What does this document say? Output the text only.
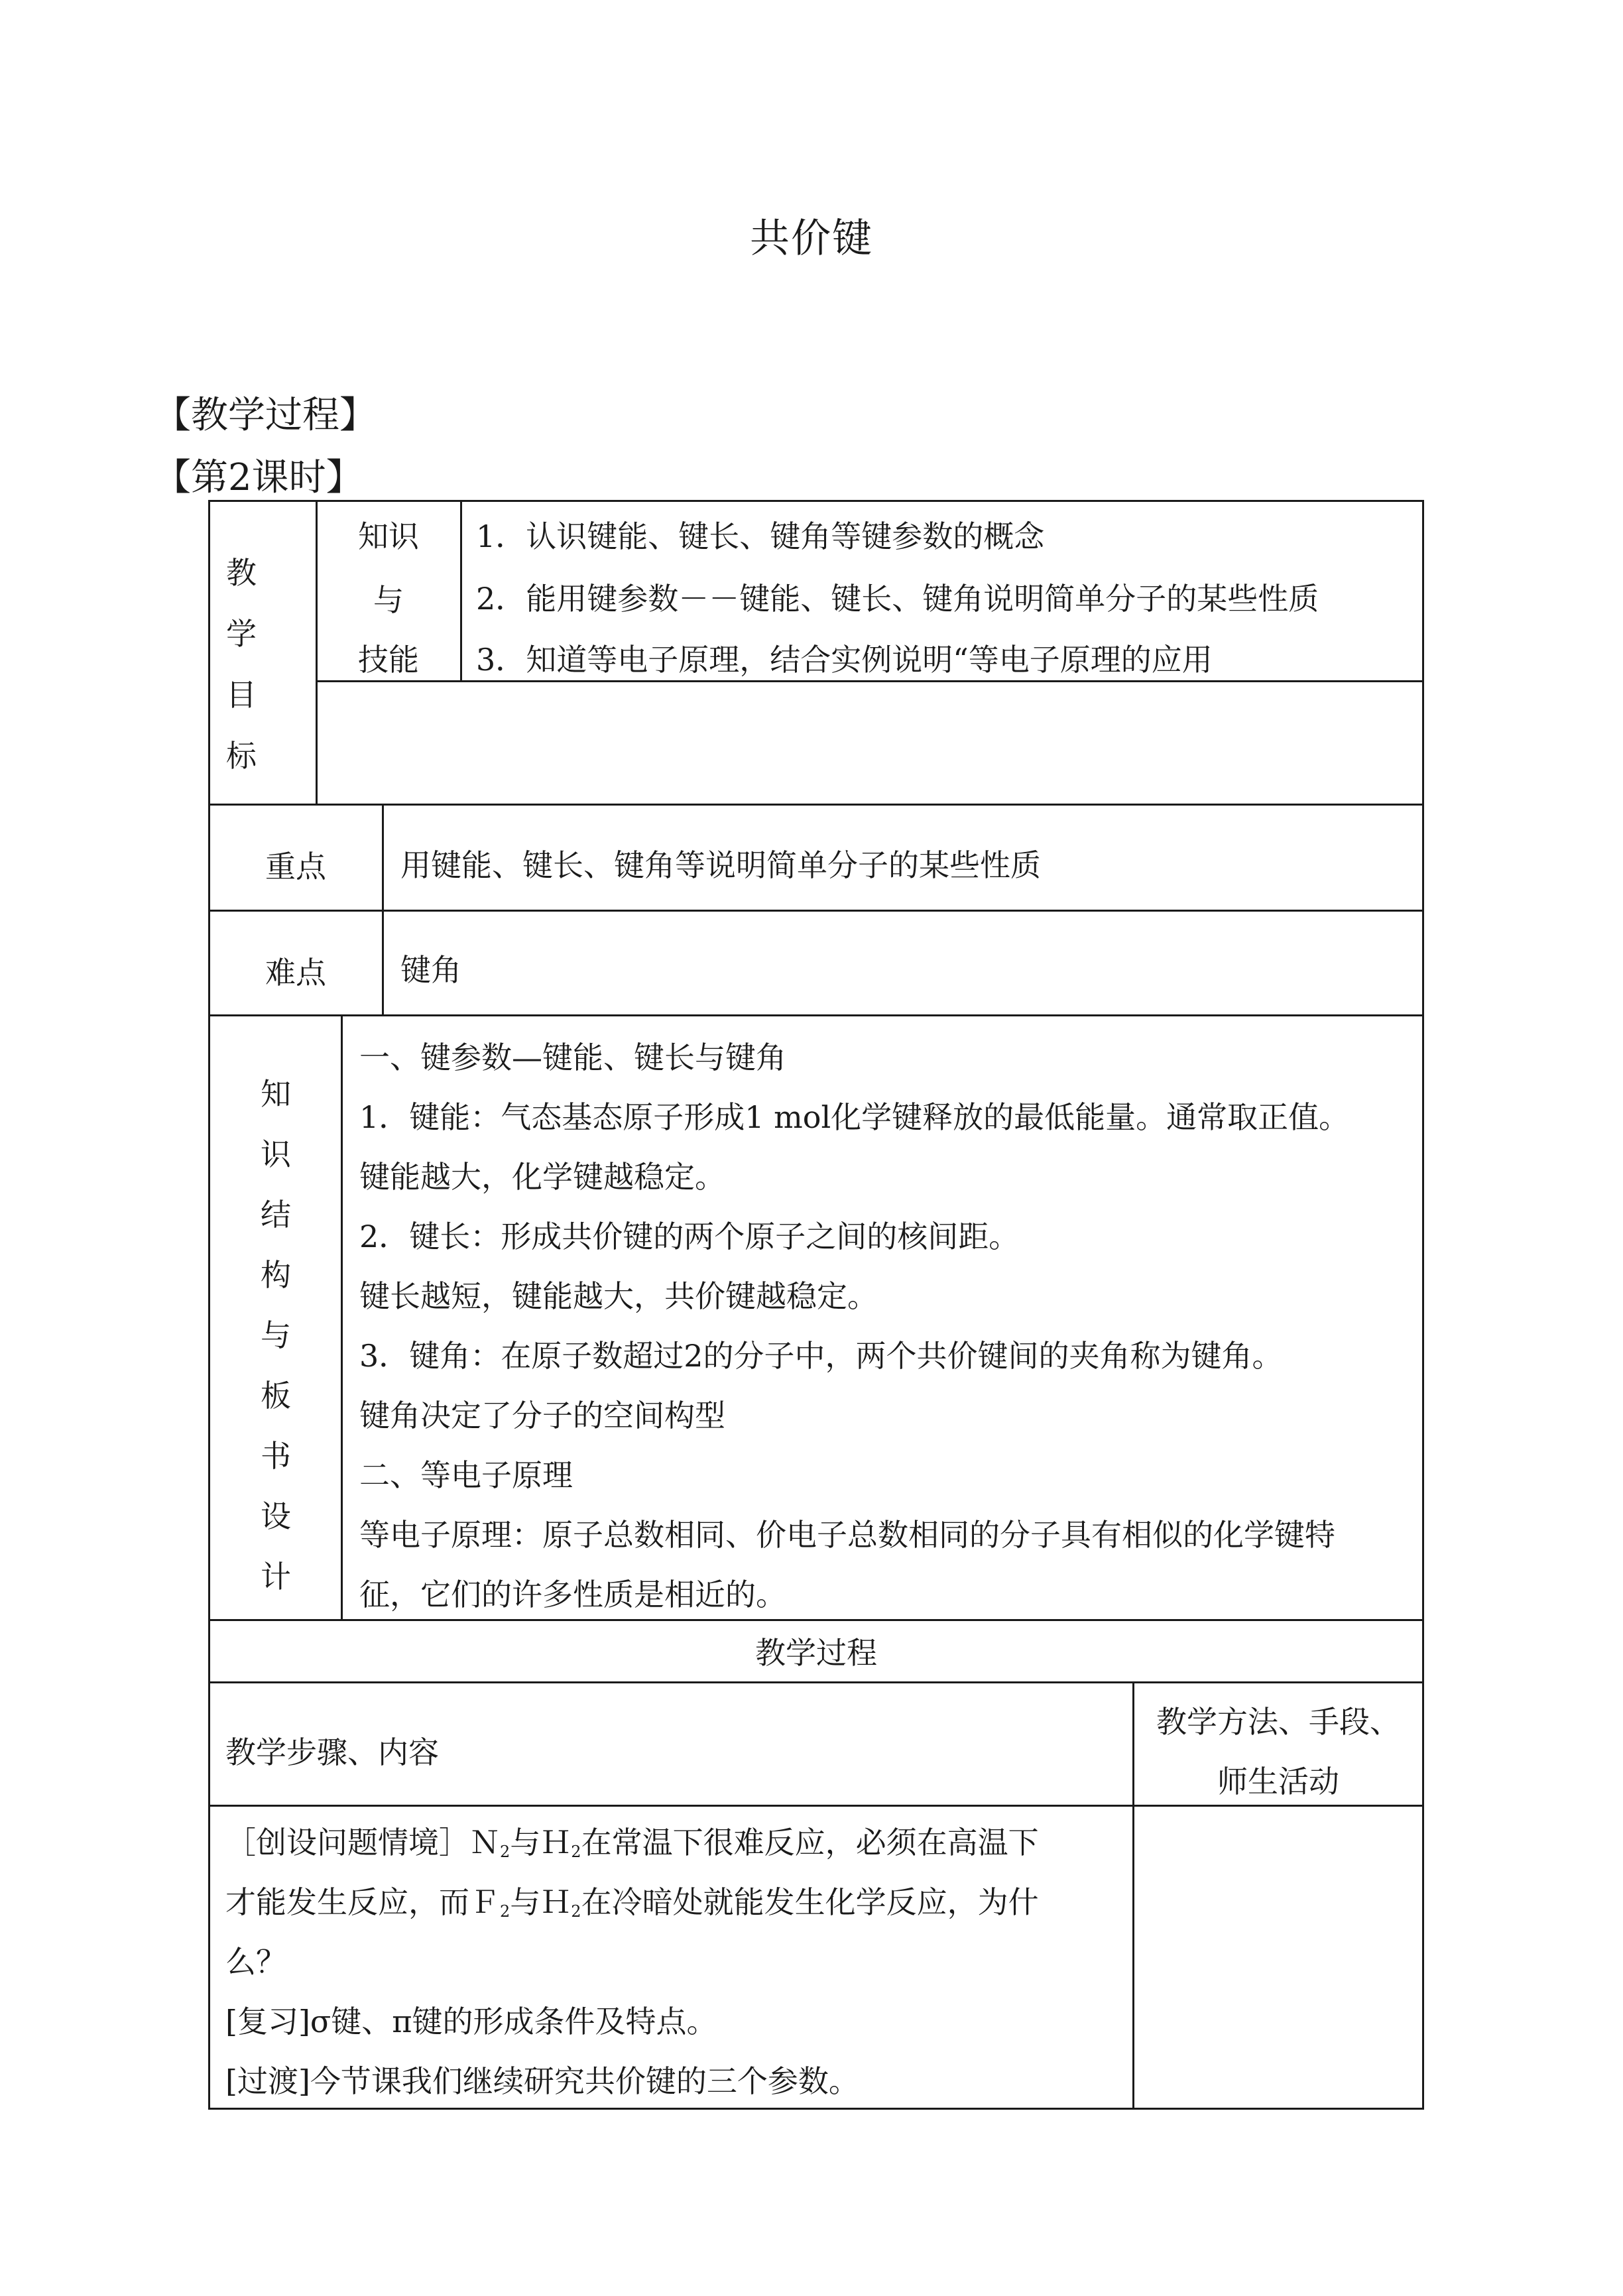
共价键
【教学过程】
【第2课时】
教
学
目
标
知识
与
技能
1．认识键能、键长、键角等键参数的概念
2．能用键参数－－键能、键长、键角说明简单分子的某些性质
3．知道等电子原理，结合实例说明“等电子原理的应用
重点	用键能、键长、键角等说明简单分子的某些性质
难点	键角
知
识
结
构
与
板
书
设
计
一、键参数—键能、键长与键角
1．键能：气态基态原子形成1 mol化学键释放的最低能量。通常取正值。
键能越大，化学键越稳定。
2．键长：形成共价键的两个原子之间的核间距。
键长越短，键能越大，共价键越稳定。
3．键角：在原子数超过2的分子中，两个共价键间的夹角称为键角。
键角决定了分子的空间构型
二、等电子原理
等电子原理：原子总数相同、价电子总数相同的分子具有相似的化学键特
征，它们的许多性质是相近的。
教学过程
教学步骤、内容
教学方法、手段、
师生活动
［创设问题情境］Ｎ$_2$与Ｈ$_2$在常温下很难反应，必须在高温下
才能发生反应，而Ｆ$_2$与Ｈ$_2$在冷暗处就能发生化学反应，为什
么？
[复习]σ键、π键的形成条件及特点。
[过渡]今节课我们继续研究共价键的三个参数。
